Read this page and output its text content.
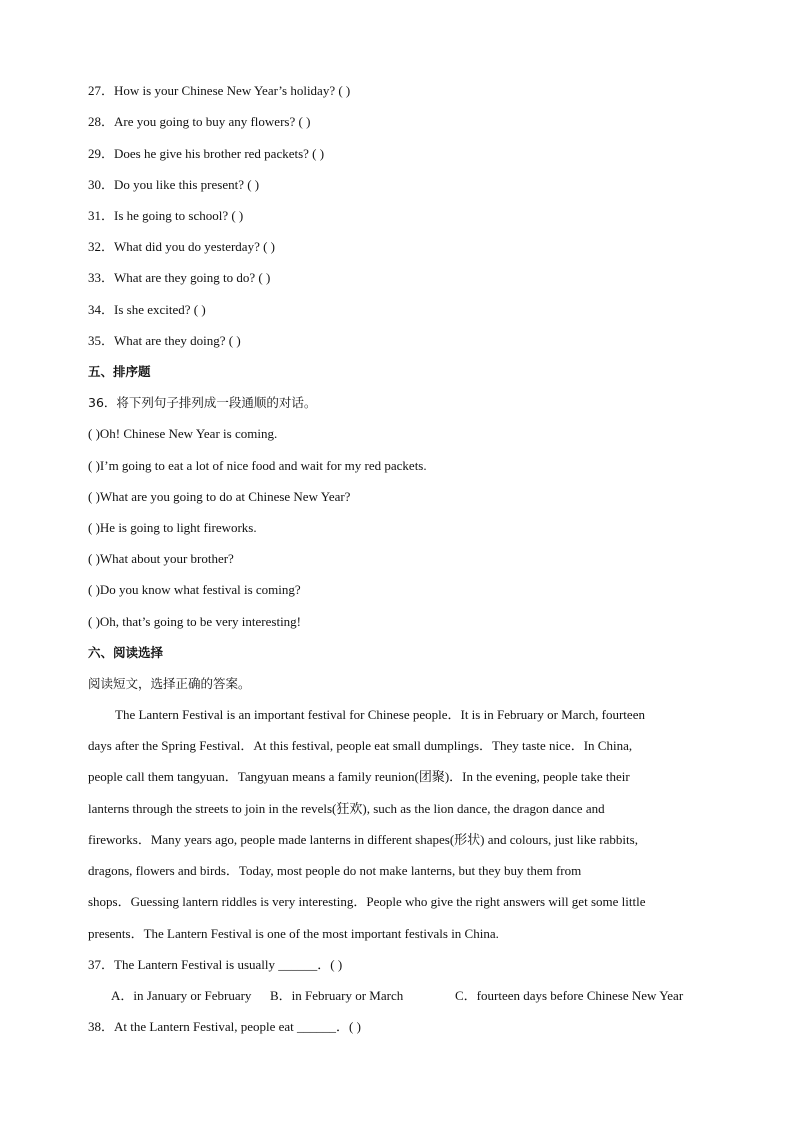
27．How is your Chinese New Year’s holiday? ( )
28．Are you going to buy any flowers? ( )
29．Does he give his brother red packets? ( )
30．Do you like this present? ( )
31．Is he going to school? ( )
32．What did you do yesterday? ( )
33．What are they going to do? ( )
34．Is she excited? ( )
35．What are they doing? ( )
五、排序题
36．将下列句子排列成一段通顺的对话。
( )Oh! Chinese New Year is coming.
( )I’m going to eat a lot of nice food and wait for my red packets.
( )What are you going to do at Chinese New Year?
( )He is going to light fireworks.
( )What about your brother?
( )Do you know what festival is coming?
( )Oh, that’s going to be very interesting!
六、阅读选择
阅读短文，选择正确的答案。
The Lantern Festival is an important festival for Chinese people．It is in February or March, fourteen
days after the Spring Festival．At this festival, people eat small dumplings．They taste nice．In China,
people call them tangyuan．Tangyuan means a family reunion(团聚)．In the evening, people take their
lanterns through the streets to join in the revels(狂欢), such as the lion dance, the dragon dance and
fireworks．Many years ago, people made lanterns in different shapes(形状) and colours, just like rabbits,
dragons, flowers and birds．Today, most people do not make lanterns, but they buy them from
shops．Guessing lantern riddles is very interesting．People who give the right answers will get some little
presents．The Lantern Festival is one of the most important festivals in China.
37．The Lantern Festival is usually ______．( )
A．in January or February B．in February or March	C．fourteen days before Chinese New Year
38．At the Lantern Festival, people eat ______．( )
